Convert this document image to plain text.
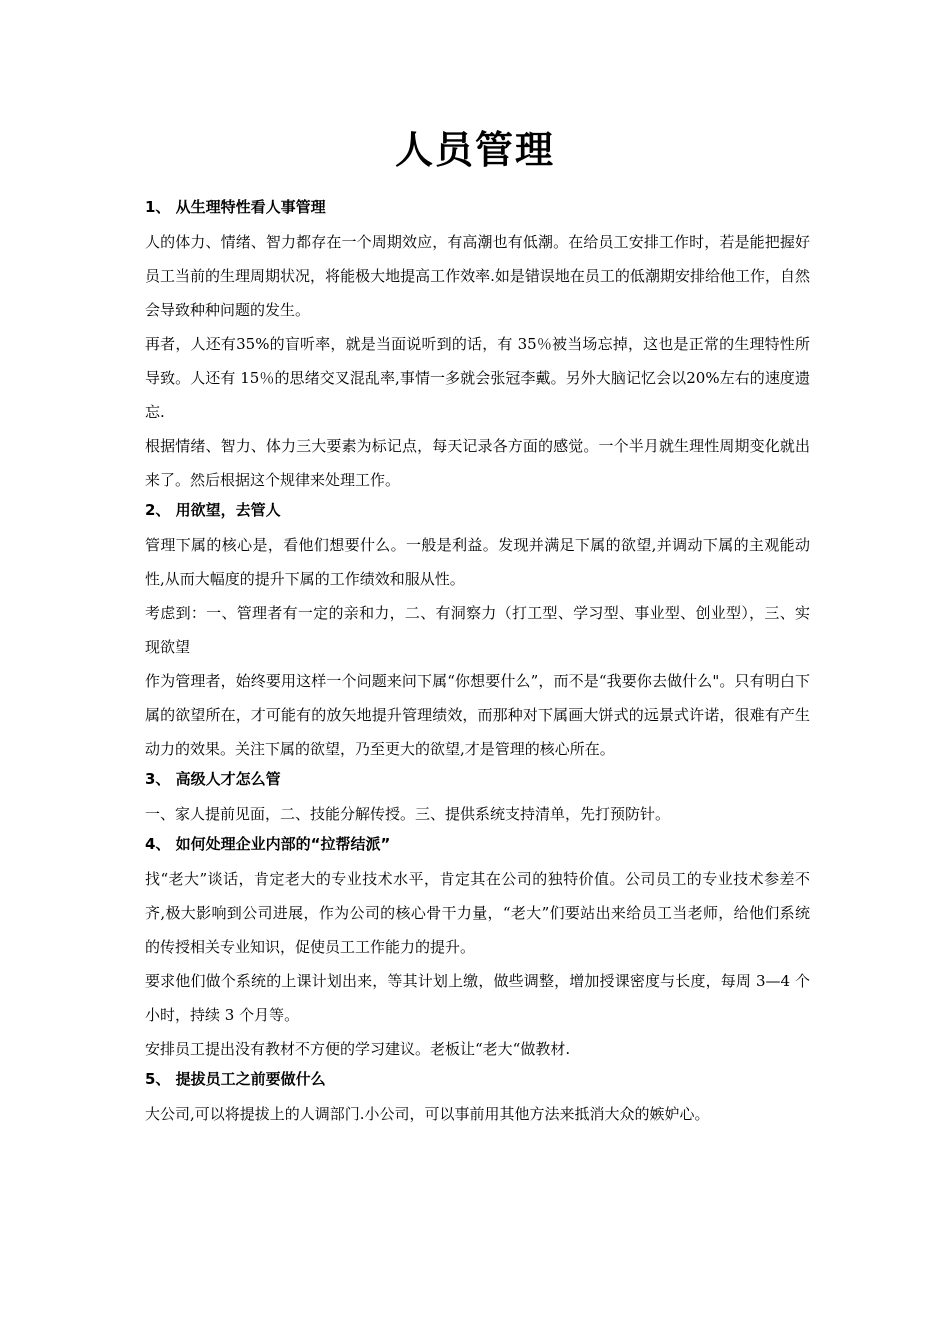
人员管理

1、 从生理特性看人事管理

人的体力、情绪、智力都存在一个周期效应，有高潮也有低潮。在给员工安排工作时，若是能把握好员工当前的生理周期状况，将能极大地提高工作效率.如是错误地在员工的低潮期安排给他工作，自然会导致种种问题的发生。

再者，人还有35%的盲听率，就是当面说听到的话，有 35％被当场忘掉，这也是正常的生理特性所导致。人还有 15％的思绪交叉混乱率,事情一多就会张冠李戴。另外大脑记忆会以20%左右的速度遗忘.

根据情绪、智力、体力三大要素为标记点，每天记录各方面的感觉。一个半月就生理性周期变化就出来了。然后根据这个规律来处理工作。

2、 用欲望，去管人

管理下属的核心是，看他们想要什么。一般是利益。发现并满足下属的欲望,并调动下属的主观能动性,从而大幅度的提升下属的工作绩效和服从性。

考虑到：一、管理者有一定的亲和力，二、有洞察力（打工型、学习型、事业型、创业型），三、实现欲望

作为管理者，始终要用这样一个问题来问下属“你想要什么”，而不是“我要你去做什么"。只有明白下属的欲望所在，才可能有的放矢地提升管理绩效，而那种对下属画大饼式的远景式许诺，很难有产生动力的效果。关注下属的欲望，乃至更大的欲望,才是管理的核心所在。

3、 高级人才怎么管

一、家人提前见面，二、技能分解传授。三、提供系统支持清单，先打预防针。

4、 如何处理企业内部的“拉帮结派”

找“老大”谈话，肯定老大的专业技术水平，肯定其在公司的独特价值。公司员工的专业技术参差不齐,极大影响到公司进展，作为公司的核心骨干力量，“老大”们要站出来给员工当老师，给他们系统的传授相关专业知识，促使员工工作能力的提升。

要求他们做个系统的上课计划出来，等其计划上缴，做些调整，增加授课密度与长度，每周 3—4 个小时，持续 3 个月等。

安排员工提出没有教材不方便的学习建议。老板让“老大“做教材.

5、 提拔员工之前要做什么

大公司,可以将提拔上的人调部门.小公司，可以事前用其他方法来抵消大众的嫉妒心。
